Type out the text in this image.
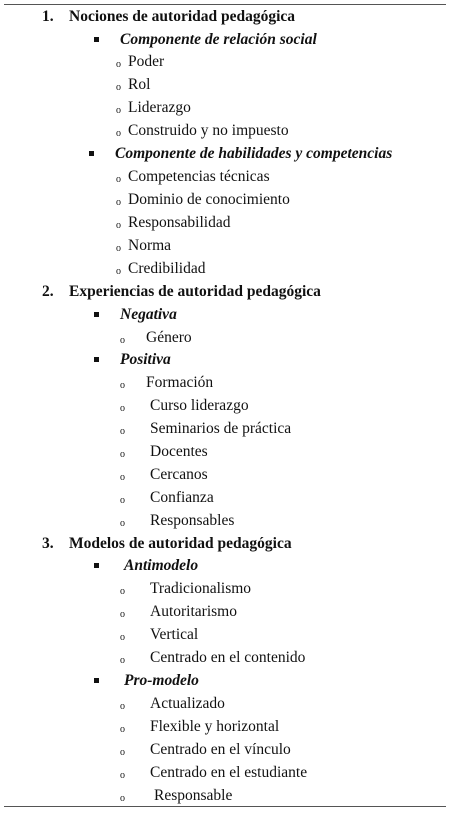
1. Nociones de autoridad pedagógica
Componente de relación social
o Poder
o Rol
o Liderazgo
o Construido y no impuesto
Componente de habilidades y competencias
o Competencias técnicas
o Dominio de conocimiento
o Responsabilidad
o Norma
o Credibilidad
2. Experiencias de autoridad pedagógica
Negativa
o Género
Positiva
o Formación
o Curso liderazgo
o Seminarios de práctica
o Docentes
o Cercanos
o Confianza
o Responsables
3. Modelos de autoridad pedagógica
Antimodelo
o Tradicionalismo
o Autoritarismo
o Vertical
o Centrado en el contenido
Pro-modelo
o Actualizado
o Flexible y horizontal
o Centrado en el vínculo
o Centrado en el estudiante
o Responsable
